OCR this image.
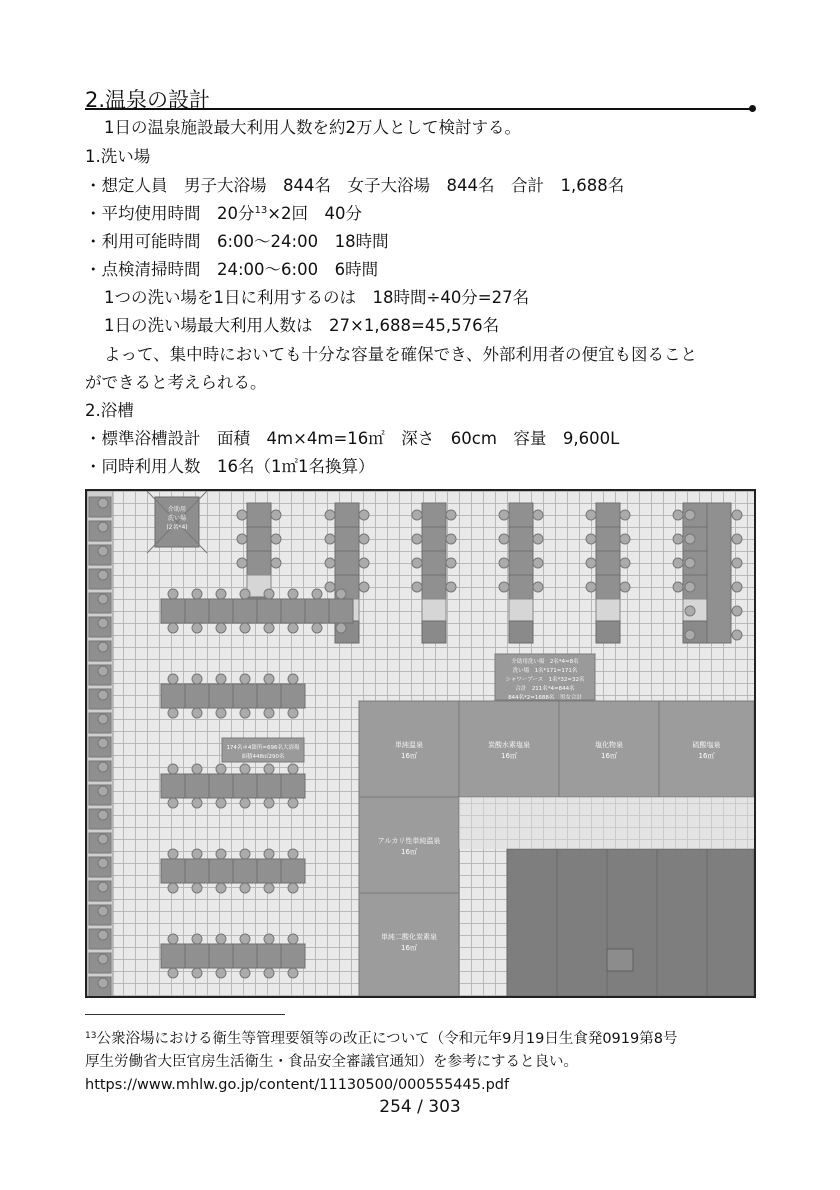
2.温泉の設計
1日の温泉施設最大利用人数を約2万人として検討する。
1.洗い場
・想定人員　男子大浴場　844名　女子大浴場　844名　合計　1,688名
・平均使用時間　20分$^{13}$×2回　40分
・利用可能時間　6:00〜24:00　18時間
・点検清掃時間　24:00〜6:00　6時間
1つの洗い場を1日に利用するのは　18時間÷40分=27名
1日の洗い場最大利用人数は　27×1,688=45,576名
よって、集中時においても十分な容量を確保でき、外部利用者の便宜も図ること
ができると考えられる。
2.浴槽
・標準浴槽設計　面積　4m×4m=16㎡　深さ　60cm　容量　9,600L
・同時利用人数　16名（1㎡1名換算）
単純温泉
16㎡
炭酸水素塩泉
16㎡
塩化物泉
16㎡
硫酸塩泉
16㎡
アルカリ性単純温泉
16㎡
単純二酸化炭素泉
16㎡
介助用
洗い場
(2名*4)
介助用洗い場　2名*4=8名
洗い場　1名*171=171名
シャワーブース　1名*32=32名
合計　211名*4=844名
844名*2=1688名　男女合計
174名＊4箇所=696名大浴場
面積448㎡290名
$^{13}$公衆浴場における衛生等管理要領等の改正について（令和元年9月19日生食発0919第8号
厚生労働省大臣官房生活衛生・食品安全審議官通知）を参考にすると良い。
https://www.mhlw.go.jp/content/11130500/000555445.pdf
254 / 303
